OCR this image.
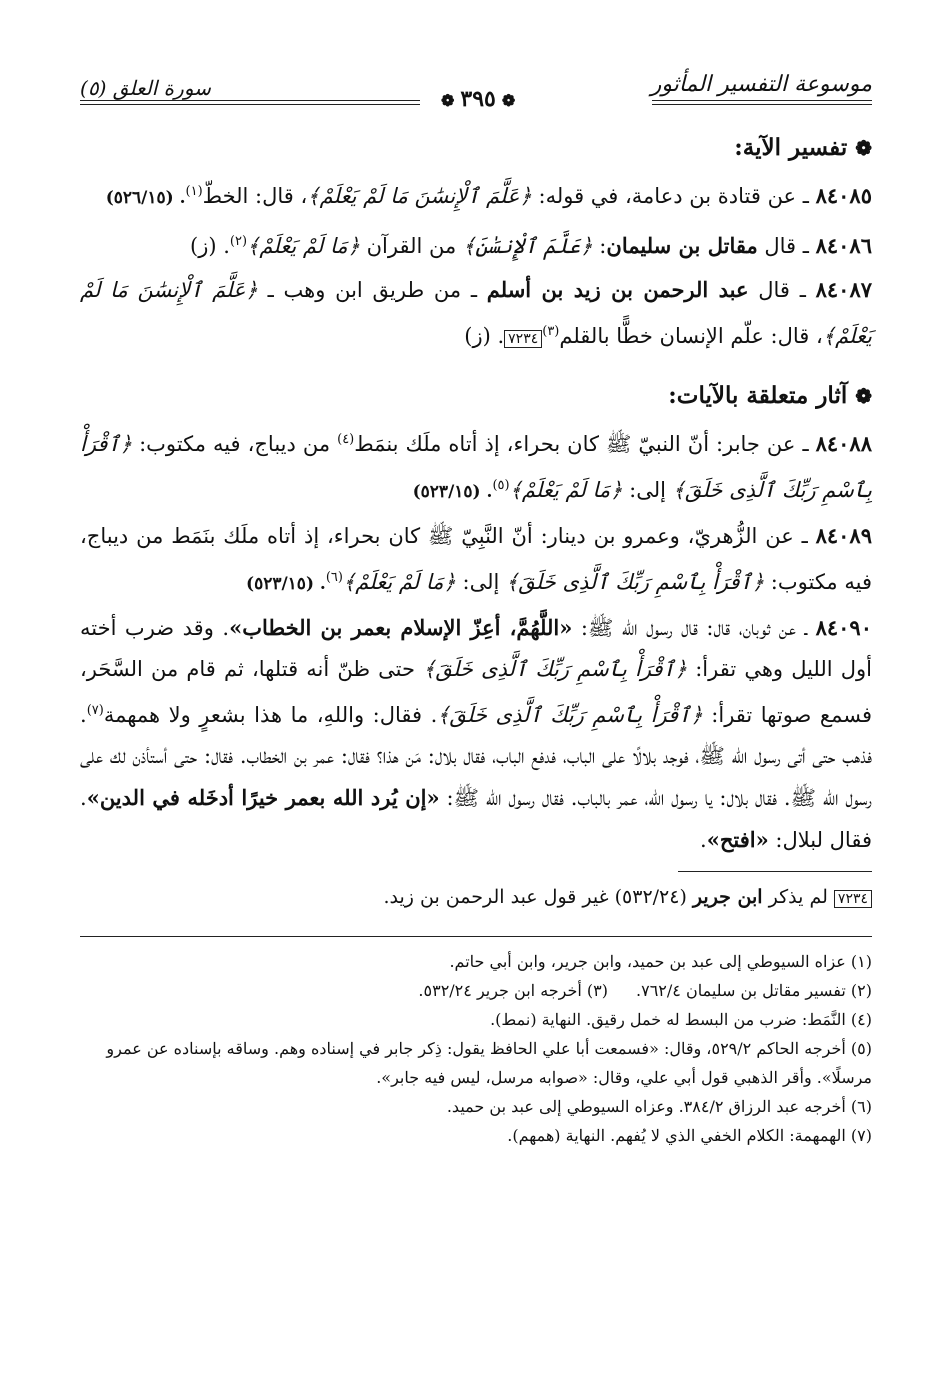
موسوعة التفسير المأثور
❁٣٩٥❁
سورة العلق (٥)
❁تفسير الآية:

٨٤٠٨٥ ـ عن قتادة بن دعامة، في قوله: ﴿عَلَّمَ ٱلْإِنسَٰنَ مَا لَمْ يَعْلَمْ﴾، قال: الخطّ$^{(١)}$. (٥٢٦/١٥)

٨٤٠٨٦ ـ قال مقاتل بن سليمان: ﴿عَلَّمَ ٱلْإِنسَٰنَ﴾ من القرآن ﴿مَا لَمْ يَعْلَمْ﴾$^{(٢)}$. (ز)

٨٤٠٨٧ ـ قال عبد الرحمن بن زيد بن أسلم ـ من طريق ابن وهب ـ ﴿عَلَّمَ ٱلْإِنسَٰنَ مَا لَمْ يَعْلَمْ﴾، قال: علّم الإنسان خطًّا بالقلم$^{(٣)}$٧٢٣٤. (ز)

❁آثار متعلقة بالآيات:

٨٤٠٨٨ ـ عن جابر: أنّ النبيّ ﷺ كان بحراء، إذ أتاه ملَك بنمَط$^{(٤)}$ من ديباج، فيه مكتوب: ﴿ٱقْرَأْ بِٱسْمِ رَبِّكَ ٱلَّذِى خَلَقَ﴾ إلى: ﴿مَا لَمْ يَعْلَمْ﴾$^{(٥)}$. (٥٢٣/١٥)

٨٤٠٨٩ ـ عن الزُّهريّ، وعمرو بن دينار: أنّ النَّبِيّ ﷺ كان بحراء، إذ أتاه ملَك بنَمَط من ديباج، فيه مكتوب: ﴿ٱقْرَأْ بِٱسْمِ رَبِّكَ ٱلَّذِى خَلَقَ﴾ إلى: ﴿مَا لَمْ يَعْلَمْ﴾$^{(٦)}$. (٥٢٣/١٥)

٨٤٠٩٠ ـ عن ثوبان، قال: قال رسول الله ﷺ: «اللَّهُمَّ، أعِزّ الإسلام بعمر بن الخطاب». وقد ضرب أخته أول الليل وهي تقرأ: ﴿ٱقْرَأْ بِٱسْمِ رَبِّكَ ٱلَّذِى خَلَقَ﴾ حتى ظنّ أنه قتلها، ثم قام من السَّحَر، فسمع صوتها تقرأ: ﴿ٱقْرَأْ بِٱسْمِ رَبِّكَ ٱلَّذِى خَلَقَ﴾. فقال: واللهِ، ما هذا بشعرٍ ولا همهمة$^{(٧)}$. فذهب حتى أتى رسول الله ﷺ، فوجد بلالًا على الباب، فدفع الباب، فقال بلال: مَن هذا؟ فقال: عمر بن الخطاب. فقال: حتى أستأذن لك على رسول الله ﷺ. فقال بلال: يا رسول الله، عمر بالباب. فقال رسول الله ﷺ: «إن يُرد الله بعمر خيرًا أدخَله في الدين». فقال لبلال: «افتح».

٧٢٣٤ لم يذكر ابن جرير (٥٣٢/٢٤) غير قول عبد الرحمن بن زيد.

(١) عزاه السيوطي إلى عبد بن حميد، وابن جرير، وابن أبي حاتم.

(٢) تفسير مقاتل بن سليمان ٧٦٢/٤.

(٣) أخرجه ابن جرير ٥٣٢/٢٤.

(٤) النَّمَط: ضرب من البسط له خمل رقيق. النهاية (نمط).

(٥) أخرجه الحاكم ٥٢٩/٢، وقال: «فسمعت أبا علي الحافظ يقول: ذِكر جابر في إسناده وهم. وساقه بإسناده عن عمرو مرسلًا». وأقر الذهبي قول أبي علي، وقال: «صوابه مرسل، ليس فيه جابر».

(٦) أخرجه عبد الرزاق ٣٨٤/٢. وعزاه السيوطي إلى عبد بن حميد.

(٧) الهمهمة: الكلام الخفي الذي لا يُفهم. النهاية (همهم).
